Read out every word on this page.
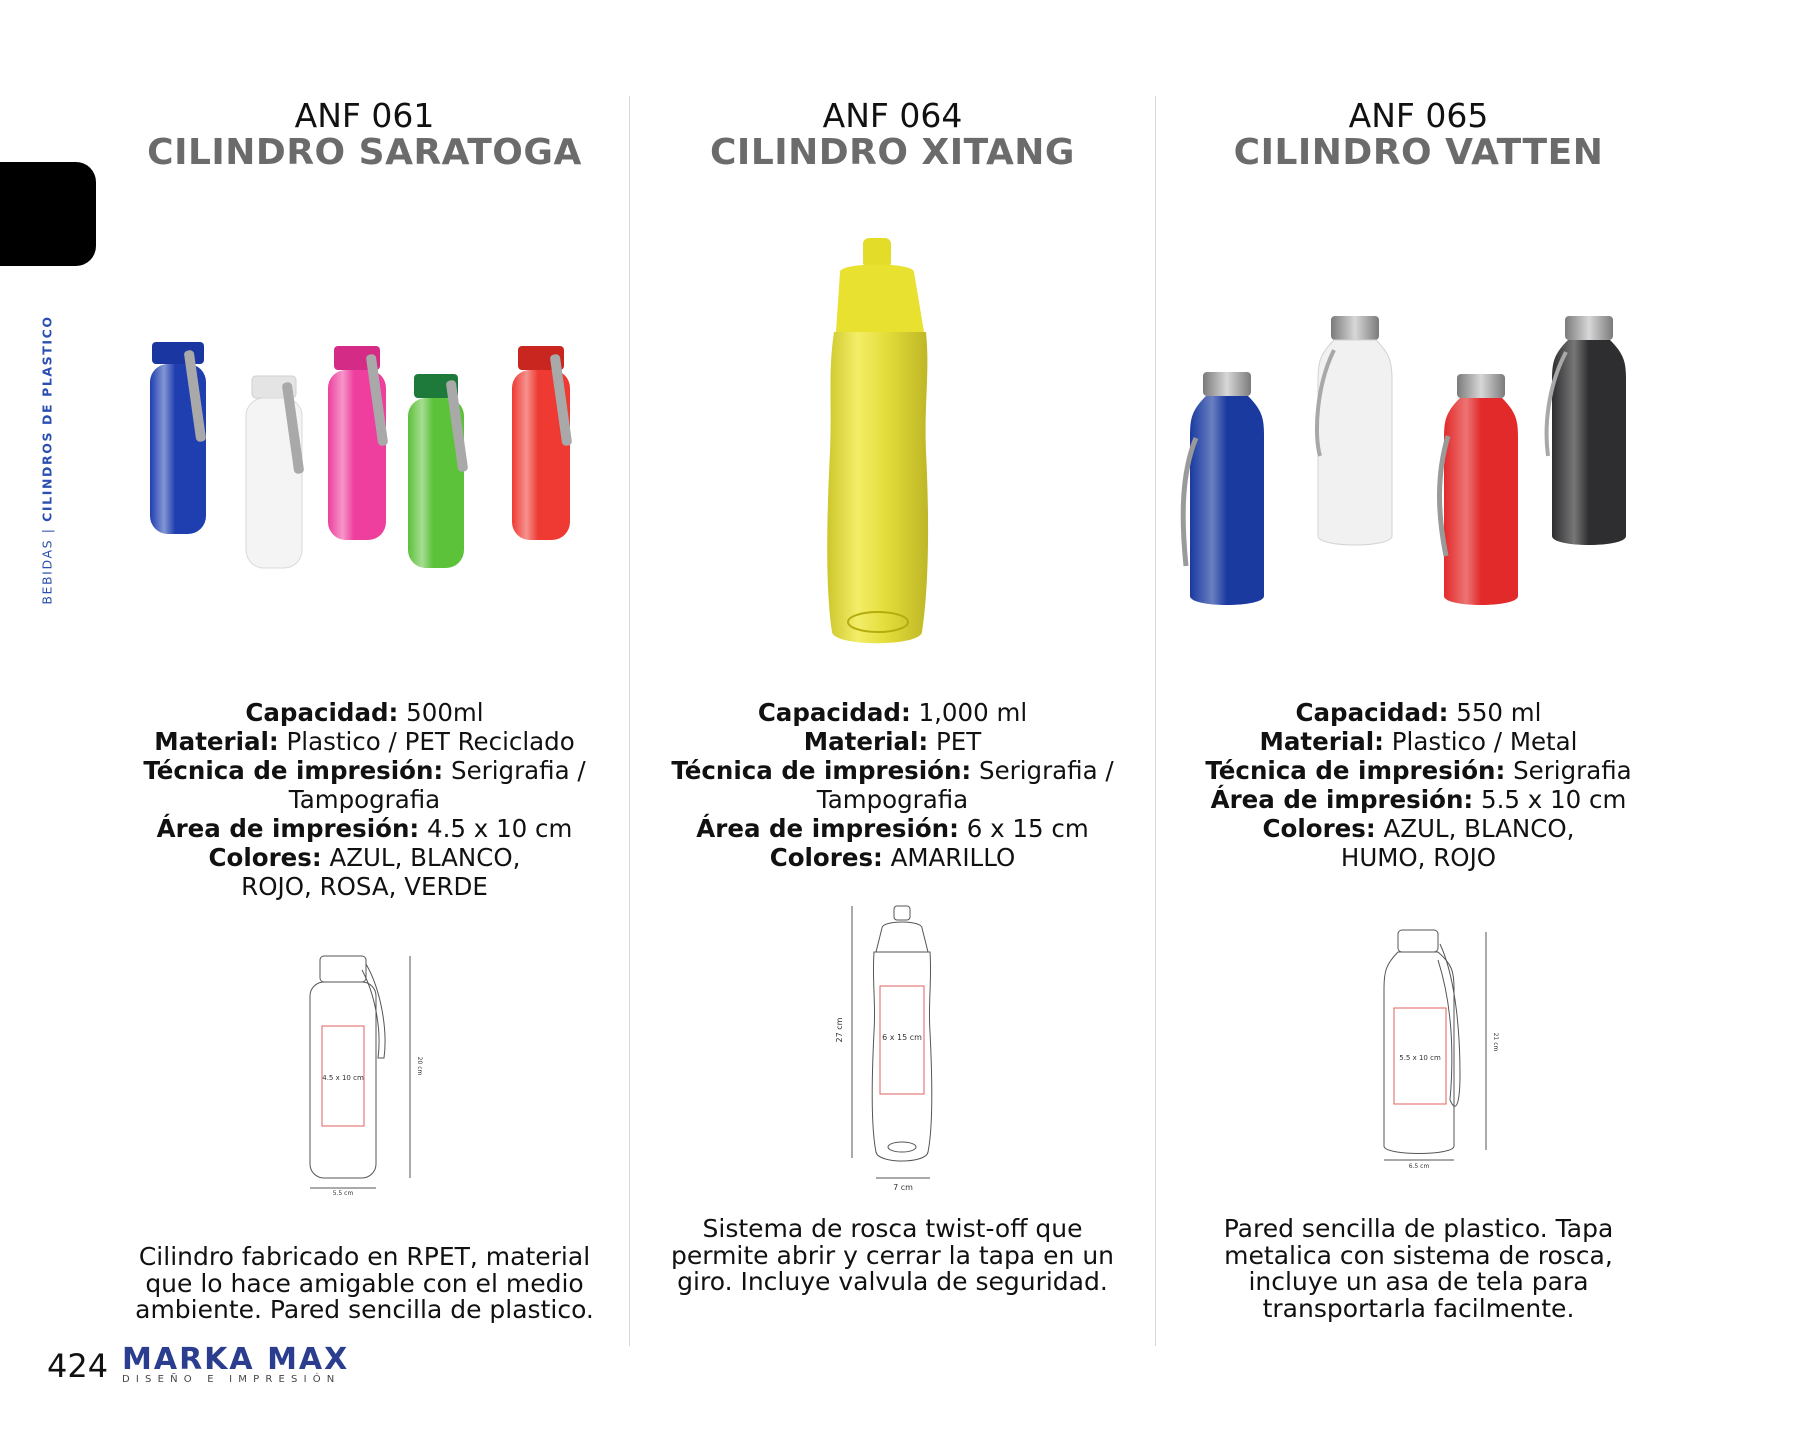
BEBIDAS | CILINDROS DE PLASTICO
ANF 061
CILINDRO SARATOGA
Capacidad: 500ml
Material: Plastico / PET Reciclado
Técnica de impresión: Serigrafia / Tampografia
Área de impresión: 4.5 x 10 cm
Colores: AZUL, BLANCO, ROJO, ROSA, VERDE
4.5 x 10 cm
20 cm
5.5 cm
Cilindro fabricado en RPET, material que lo hace amigable con el medio ambiente. Pared sencilla de plastico.
ANF 064
CILINDRO XITANG
Capacidad: 1,000 ml
Material: PET
Técnica de impresión: Serigrafia / Tampografia
Área de impresión: 6 x 15 cm
Colores: AMARILLO
6 x 15 cm
27 cm
7 cm
Sistema de rosca twist-off que permite abrir y cerrar la tapa en un giro. Incluye valvula de seguridad.
ANF 065
CILINDRO VATTEN
Capacidad: 550 ml
Material: Plastico / Metal
Técnica de impresión: Serigrafia
Área de impresión: 5.5 x 10 cm
Colores: AZUL, BLANCO, HUMO, ROJO
5.5 x 10 cm
21 cm
6.5 cm
Pared sencilla de plastico. Tapa metalica con sistema de rosca, incluye un asa de tela para transportarla facilmente.
424 MARKA MAX
DISEÑO E IMPRESIÓN
